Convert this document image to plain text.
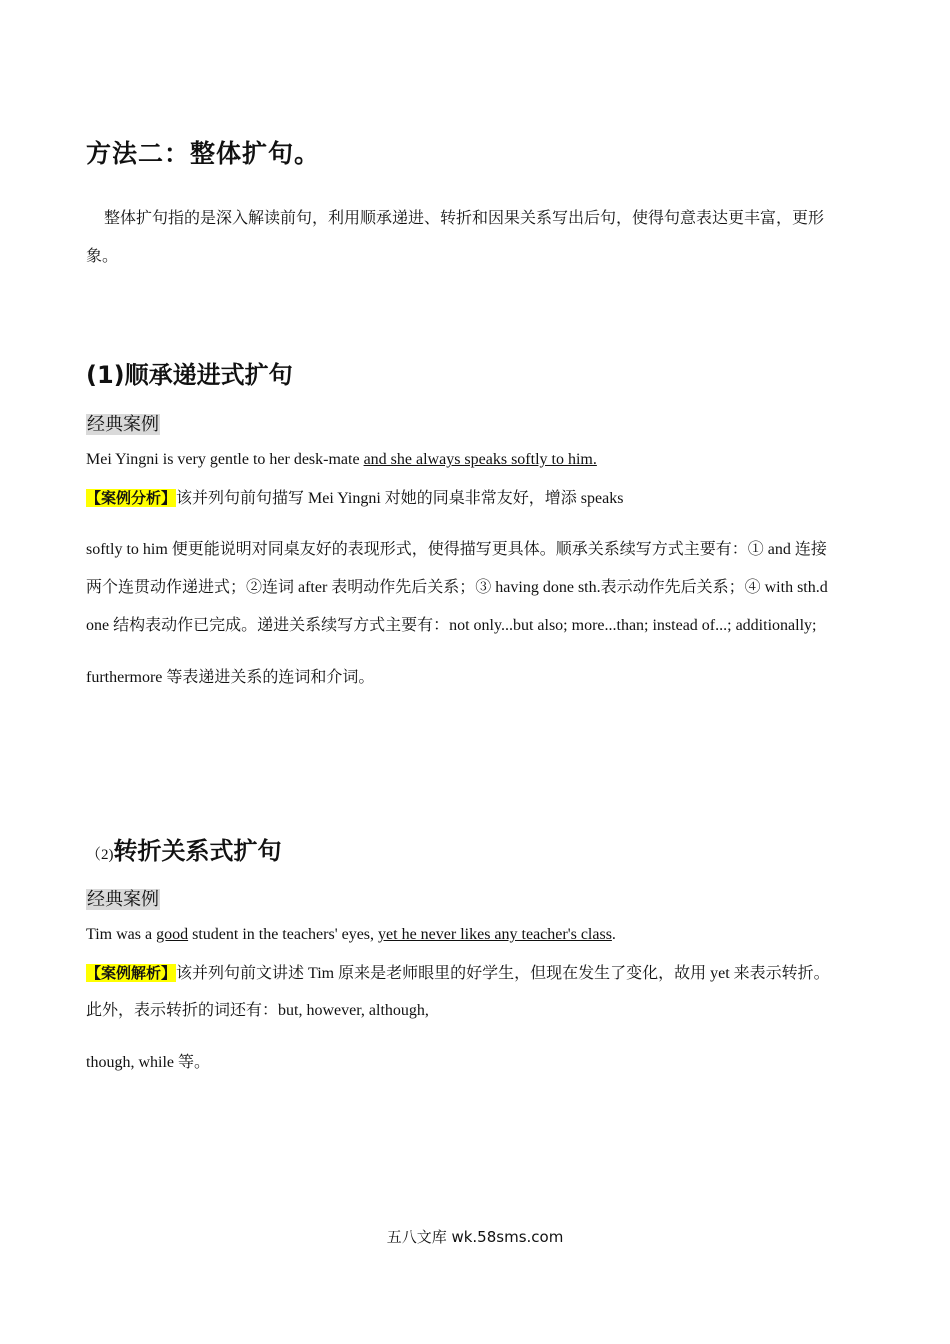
方法二：整体扩句。
整体扩句指的是深入解读前句，利用顺承递进、转折和因果关系写出后句，使得句意表达更丰富，更形
象。
(1)顺承递进式扩句
经典案例
Mei Yingni is very gentle to her desk-mate and she always speaks softly to him.
【案例分析】该并列句前句描写 Mei Yingni 对她的同桌非常友好，增添 speaks
softly to him 便更能说明对同桌友好的表现形式，使得描写更具体。顺承关系续写方式主要有：① and 连接
两个连贯动作递进式；②连词 after 表明动作先后关系；③ having done sth.表示动作先后关系；④ with sth.d
one 结构表动作已完成。递进关系续写方式主要有：not only...but also; more...than; instead of...; additionally;
furthermore 等表递进关系的连词和介词。
（2)转折关系式扩句
经典案例
Tim was a good student in the teachers' eyes, yet he never likes any teacher's class.
【案例解析】该并列句前文讲述 Tim 原来是老师眼里的好学生，但现在发生了变化，故用 yet 来表示转折。
此外，表示转折的词还有：but, however, although,
though, while 等。
五八文库 wk.58sms.com
